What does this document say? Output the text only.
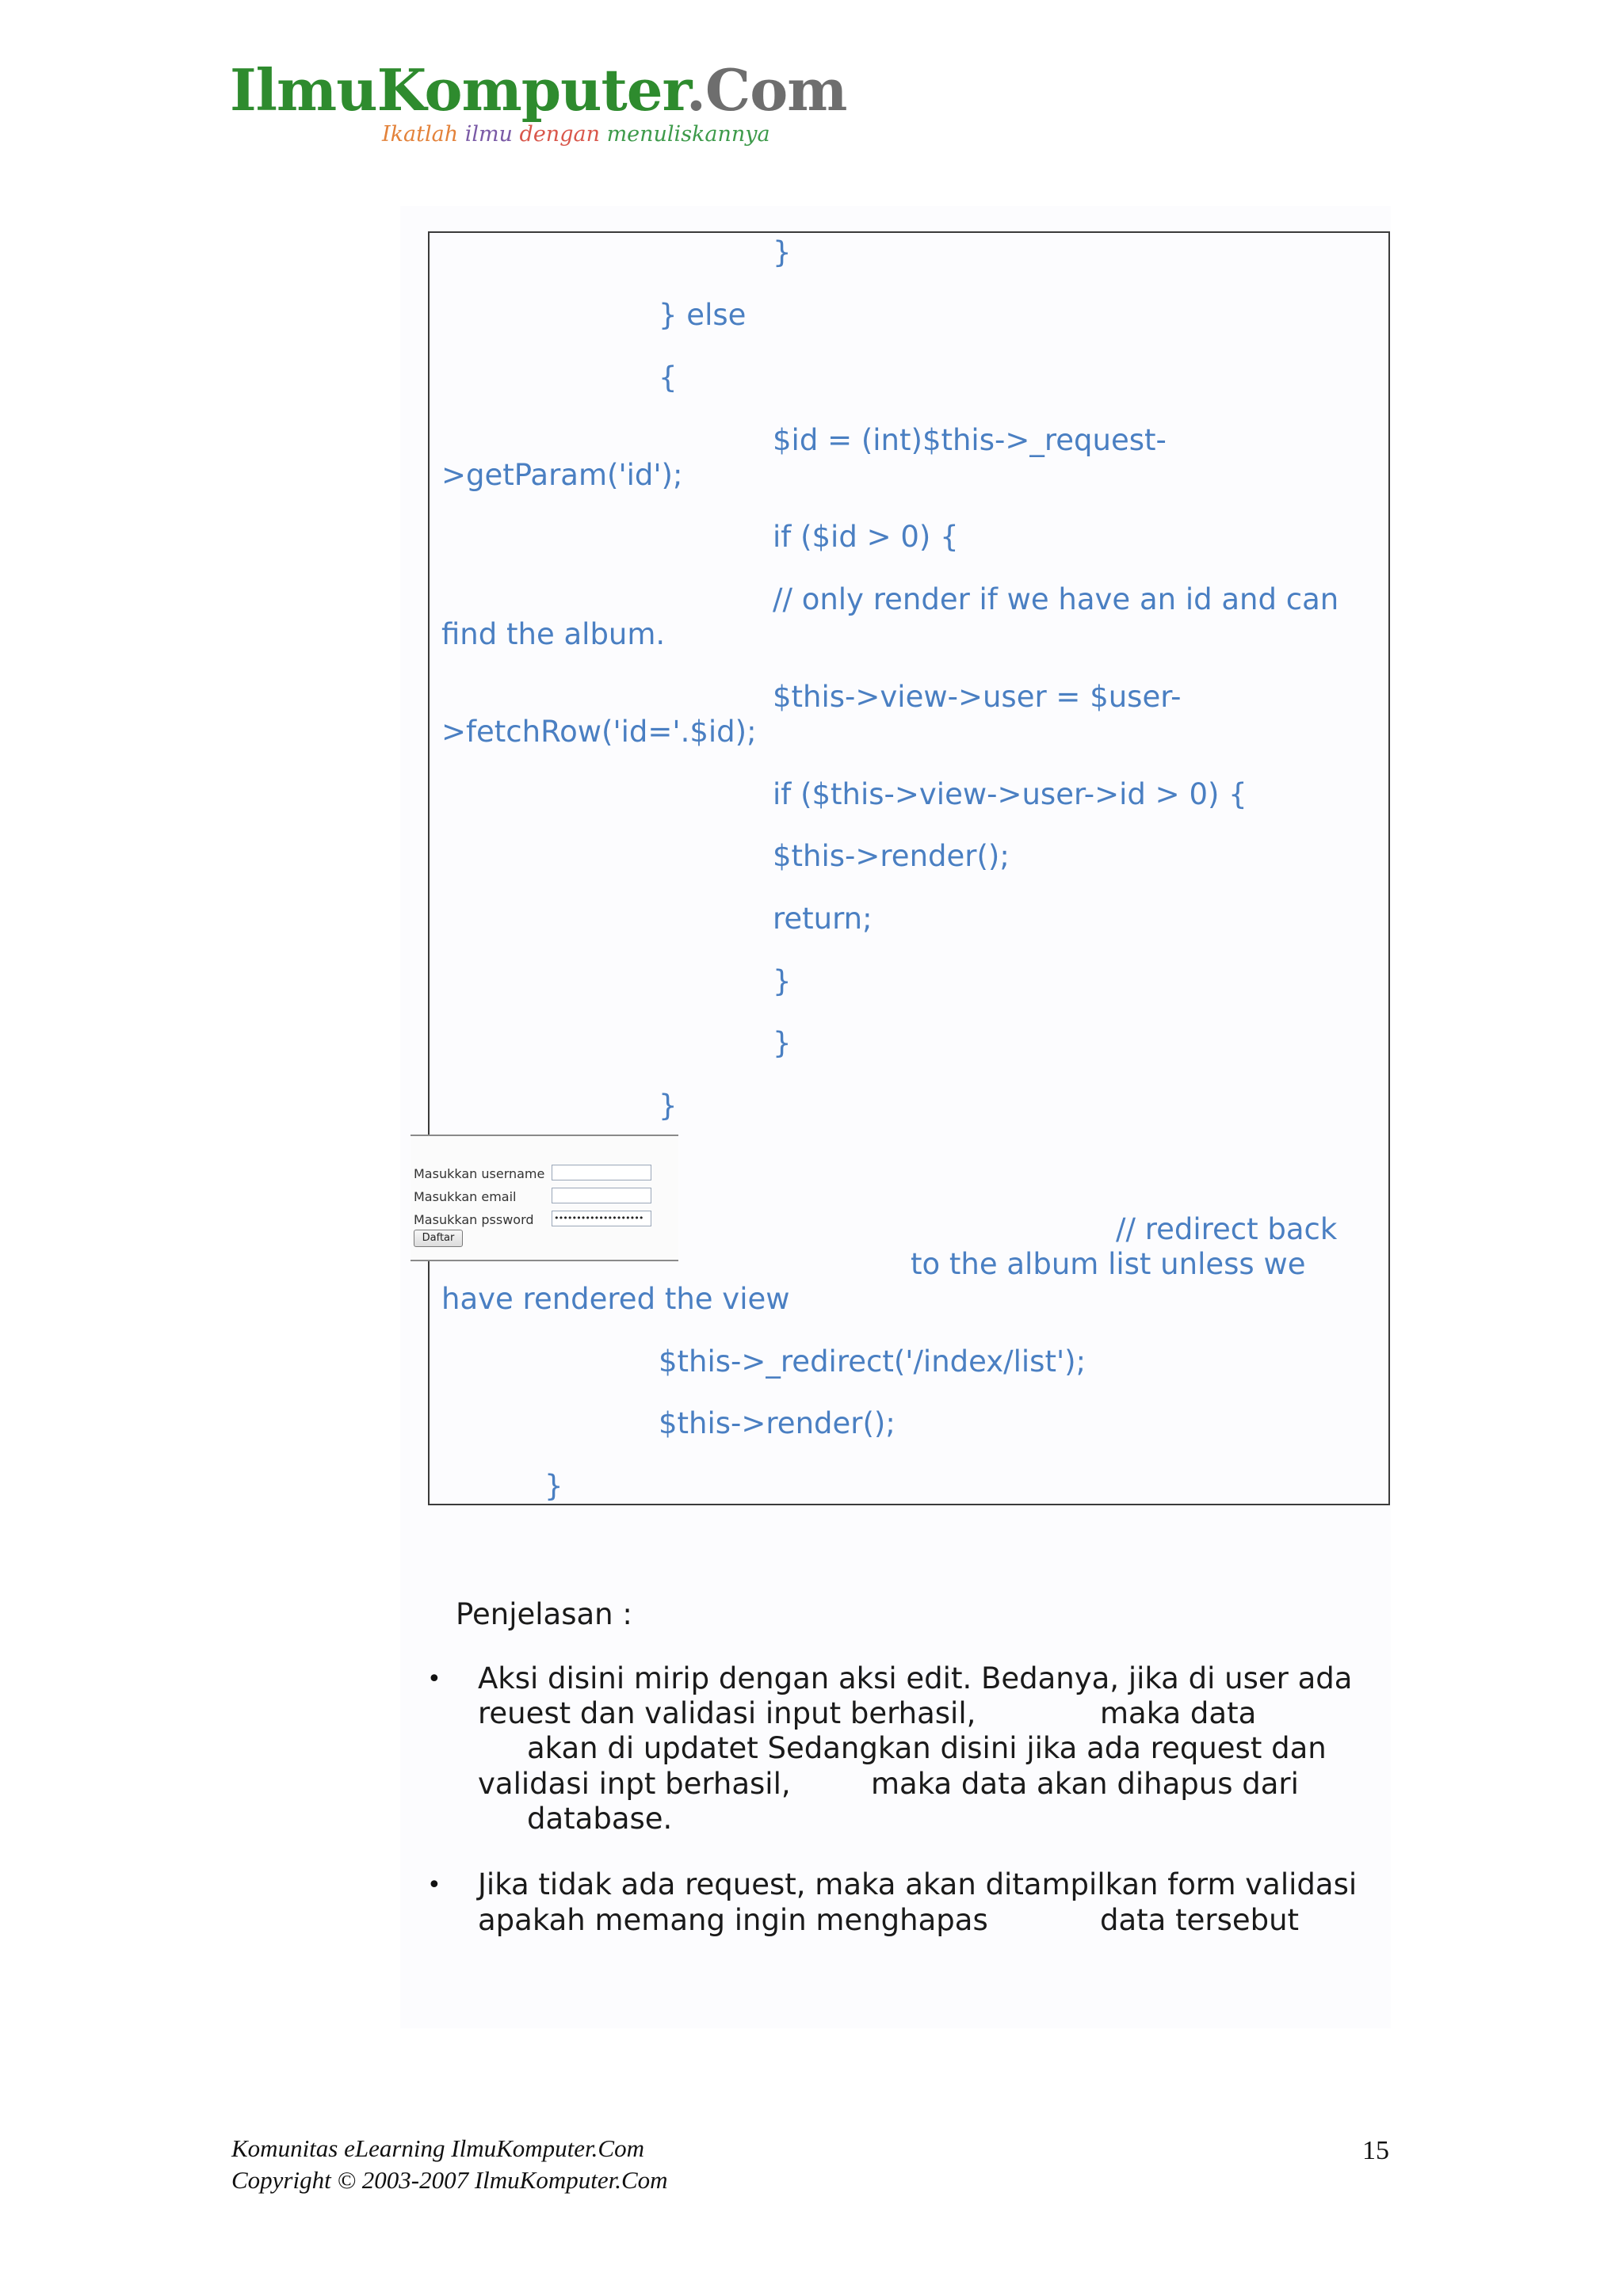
IlmuKomputer.Com
Ikatlah ilmu dengan menuliskannya
}
} else
{
$id = (int)$this->_request-
>getParam('id');
if ($id > 0) {
// only render if we have an id and can
find the album.
$this->view->user = $user-
>fetchRow('id='.$id);
if ($this->view->user->id > 0) {
$this->render();
return;
}
}
}
// redirect back
to the album list unless we
have rendered the view
$this->_redirect('/index/list');
$this->render();
}
Masukkan username
Masukkan email
Masukkan pssword ••••••••••••••••••••
Daftar
Penjelasan :
• Aksi disini mirip dengan aksi edit. Bedanya, jika di user ada
reuest dan validasi input berhasil,	maka data
akan di updatet Sedangkan disini jika ada request dan
validasi inpt berhasil,	maka data akan dihapus dari
database.
• Jika tidak ada request, maka akan ditampilkan form validasi
apakah memang ingin menghapas	data tersebut
Komunitas eLearning IlmuKomputer.Com
Copyright © 2003-2007 IlmuKomputer.Com
15
